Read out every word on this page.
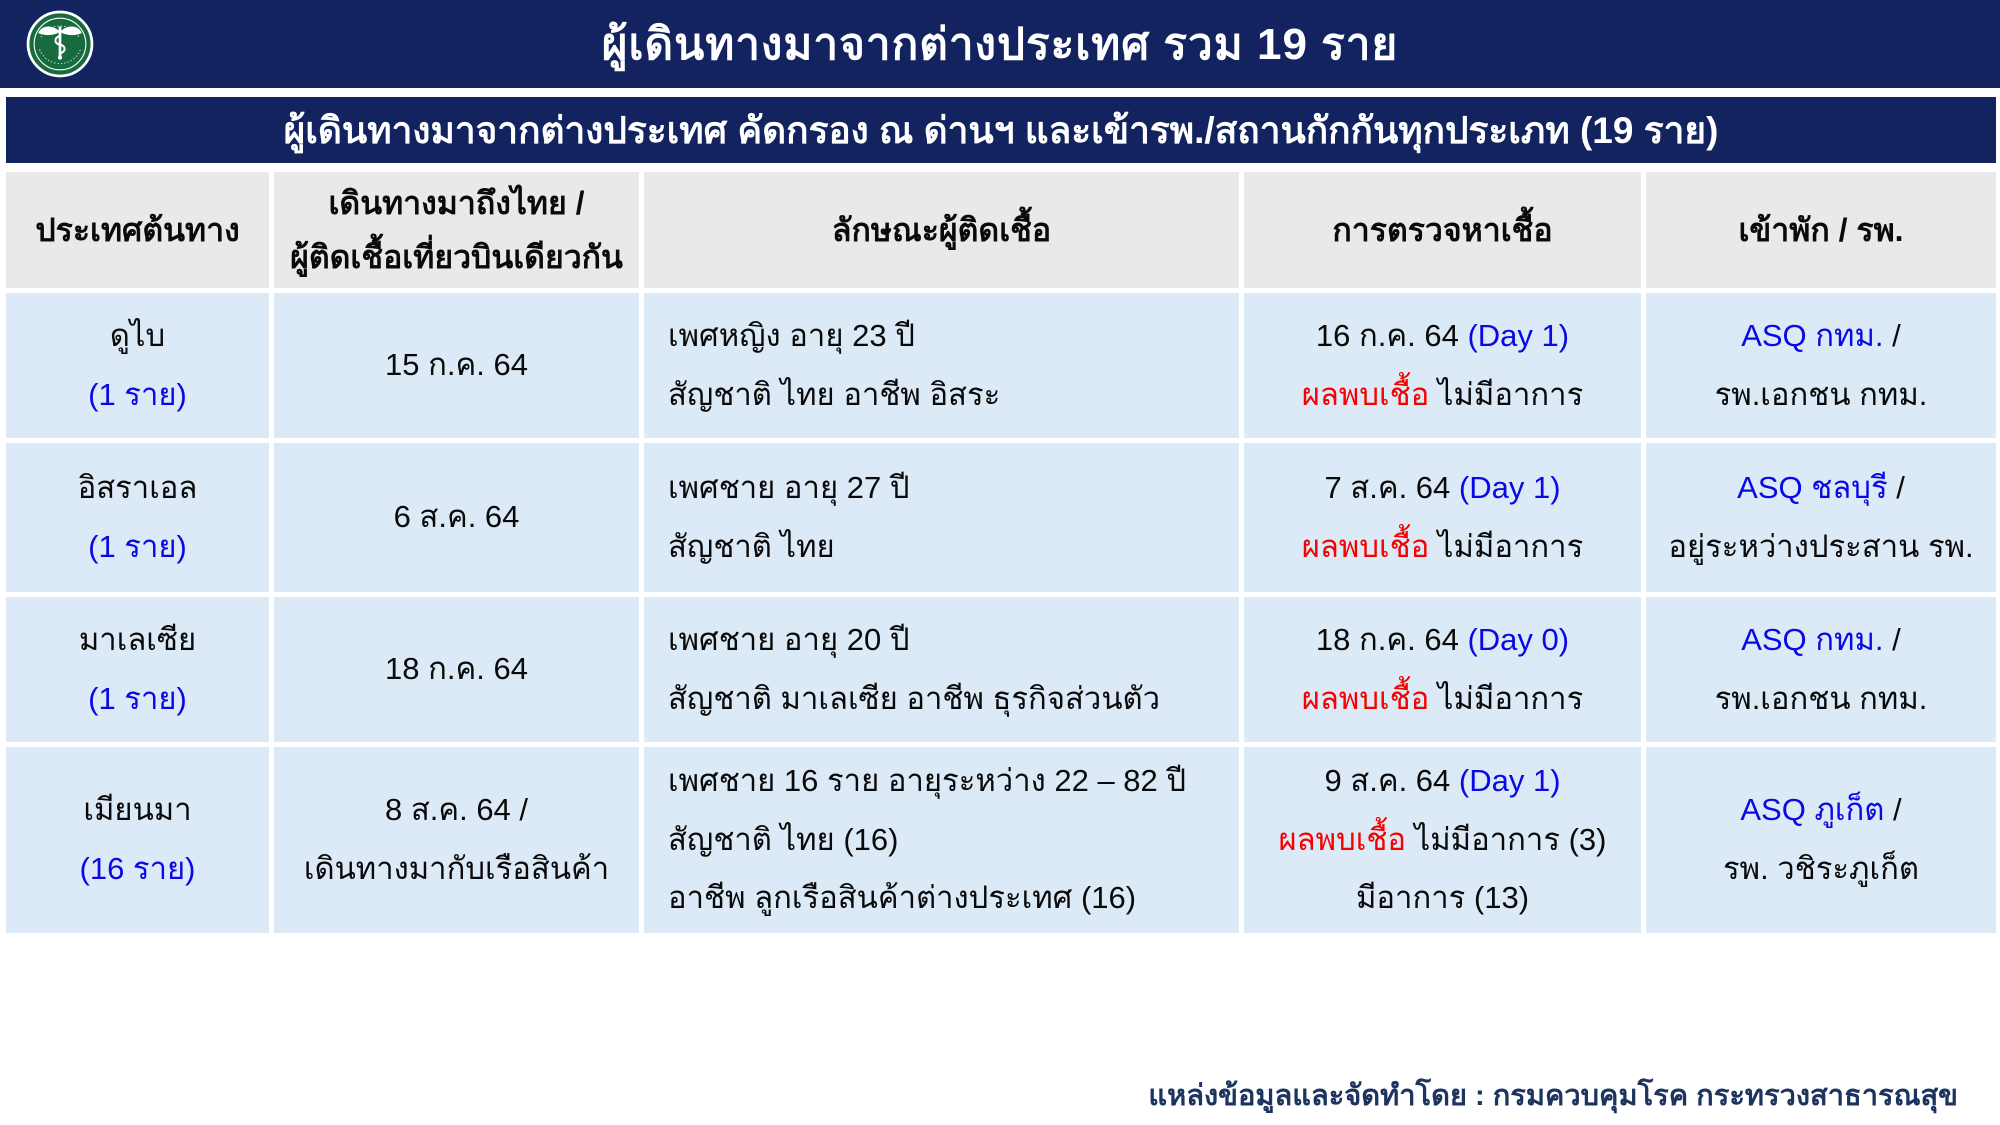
ผู้เดินทางมาจากต่างประเทศ รวม 19 ราย
ผู้เดินทางมาจากต่างประเทศ คัดกรอง ณ ด่านฯ และเข้ารพ./สถานกักกันทุกประเภท (19 ราย)
ประเทศต้นทาง
เดินทางมาถึงไทย /
ผู้ติดเชื้อเที่ยวบินเดียวกัน
ลักษณะผู้ติดเชื้อ	การตรวจหาเชื้อ	เข้าพัก / รพ.
ดูไบ
(1 ราย)
15 ก.ค. 64
เพศหญิง อายุ 23 ปี
สัญชาติ ไทย อาชีพ อิสระ
16 ก.ค. 64 (Day 1)
ผลพบเชื้อ ไม่มีอาการ
ASQ กทม. /
รพ.เอกชน กทม.
อิสราเอล
(1 ราย)
6 ส.ค. 64
เพศชาย อายุ 27 ปี
สัญชาติ ไทย
7 ส.ค. 64 (Day 1)
ผลพบเชื้อ ไม่มีอาการ
ASQ ชลบุรี /
อยู่ระหว่างประสาน รพ.
มาเลเซีย
(1 ราย)
18 ก.ค. 64
เพศชาย อายุ 20 ปี
สัญชาติ มาเลเซีย อาชีพ ธุรกิจส่วนตัว
18 ก.ค. 64 (Day 0)
ผลพบเชื้อ ไม่มีอาการ
ASQ กทม. /
รพ.เอกชน กทม.
เมียนมา
(16 ราย)
8 ส.ค. 64 /
เดินทางมากับเรือสินค้า
เพศชาย 16 ราย อายุระหว่าง 22 – 82 ปี
สัญชาติ ไทย (16)
อาชีพ ลูกเรือสินค้าต่างประเทศ (16)
9 ส.ค. 64 (Day 1)
ผลพบเชื้อ ไม่มีอาการ (3)
มีอาการ (13)
ASQ ภูเก็ต /
รพ. วชิระภูเก็ต
แหล่งข้อมูลและจัดทำโดย : กรมควบคุมโรค กระทรวงสาธารณสุข
